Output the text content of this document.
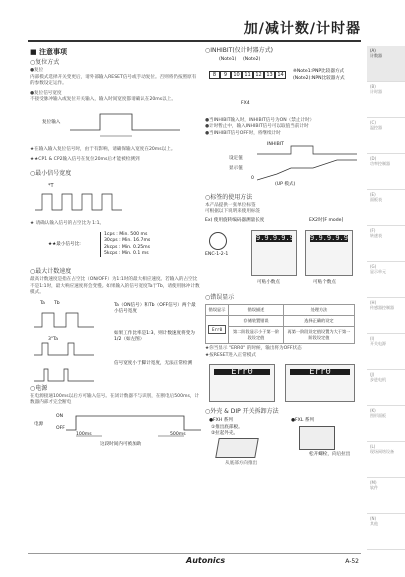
加/减计数/计时器
■ 注意事项
○复位方式
●复位
内部模式选择开关变更后，请外部输入RESET信号或手动复位。否则将仍按照原有的参数设定运作。
●复位信号宽度
不接受脉冲输入或复位开关输入，输入时间宽度都请确认在20ms以上。
复位输入
★在输入输入复位信号时，由于有影响，请确保输入宽度在20ms以上。
★★CP1 & CP2输入信号在复位20ms后才能被检测到
○最小信号宽度
*T
★ 请确认输入信号的占空比为 1:1。
★★最小信号比:
1cps : Min. 500 ms
30cps : Min. 16.7ms
2kcps : Min. 0.25ms
5kcps : Min. 0.1 ms
○最大计数速度
最高计数速度是指在占空比（ON/OFF）为1:1时的最大相应速度。若输入的占空比不是1:1时，最大响应速度将会变慢。如果输入的信号宽度Ta于Tb，请使用脉冲计数模式。
Ta Tb
3"Ta
Ta（ON信号）和Tb（OFF信号）两个最小信号宽度
如果工作比率是1:3，则计数速度将变为1/2（如左图）
信号宽度小于脚计宽度，无法正常检测
○电源
在电源接通100ms以后方可输入信号。在闭计数器不与识别，在断电后500ms，计数器内部才完全断电
电源
ON
OFF
100ms	500ms
这段时间内可被加助
○INHIBIT(仅计时器方式)
(Note1) (Note2)
8	9	10 11 12 13 14
※Note1:PNP比较器方式
(Note2):NPN比较器方式
FX4
●当INHIBIT输入时，INHIBIT信号为ON（禁止计时）
●计时暂止中，输入INHIBIT信号可以取值当前计时
●当INHIBIT信号OFF时，将继续计时
INHIBIT
设定值
显示值
0
(UP 模式)
○标签的使用方法
本产品提供一张单位标签
可根据以下说明来使用标签
Ex) 使用旋转编码器测量长度	EX2时[F mode]
ENC-1-2-1
9.9.9.9.9 9.9.9.9.9
可贴小数点	可贴个数点
○错误显示
错误显示	错误描述	处理方法
Err0	存储装置错误	选择正确的设定
	第二阶段显示小于第一阶段设定值	再第一阶段设定值设置为大于第一阶段设定值
★你当显示 "ERR0" 的时候，输出将为OFF状态
★按RESET进入正常模式
Err0	Err0
○外壳 & DIP 开关拆卸方法
●FXH 系列
①推出底部板。
②拉起外壳。
●FXL 系列
松开螺栓，向后拉出
从底部方向推出
(A)
计数器
(B)
计时器
(C)
温控器
(D)
功率控制器
(E)
面板表
(F)
转速表
(G)
显示单元
(H)
传感器控制器
(I)
开关电源
(J)
步进电机
(K)
图形面板
(L)
现场网络设备
(M)
软件
(N)
其他
Autonics	A-52
